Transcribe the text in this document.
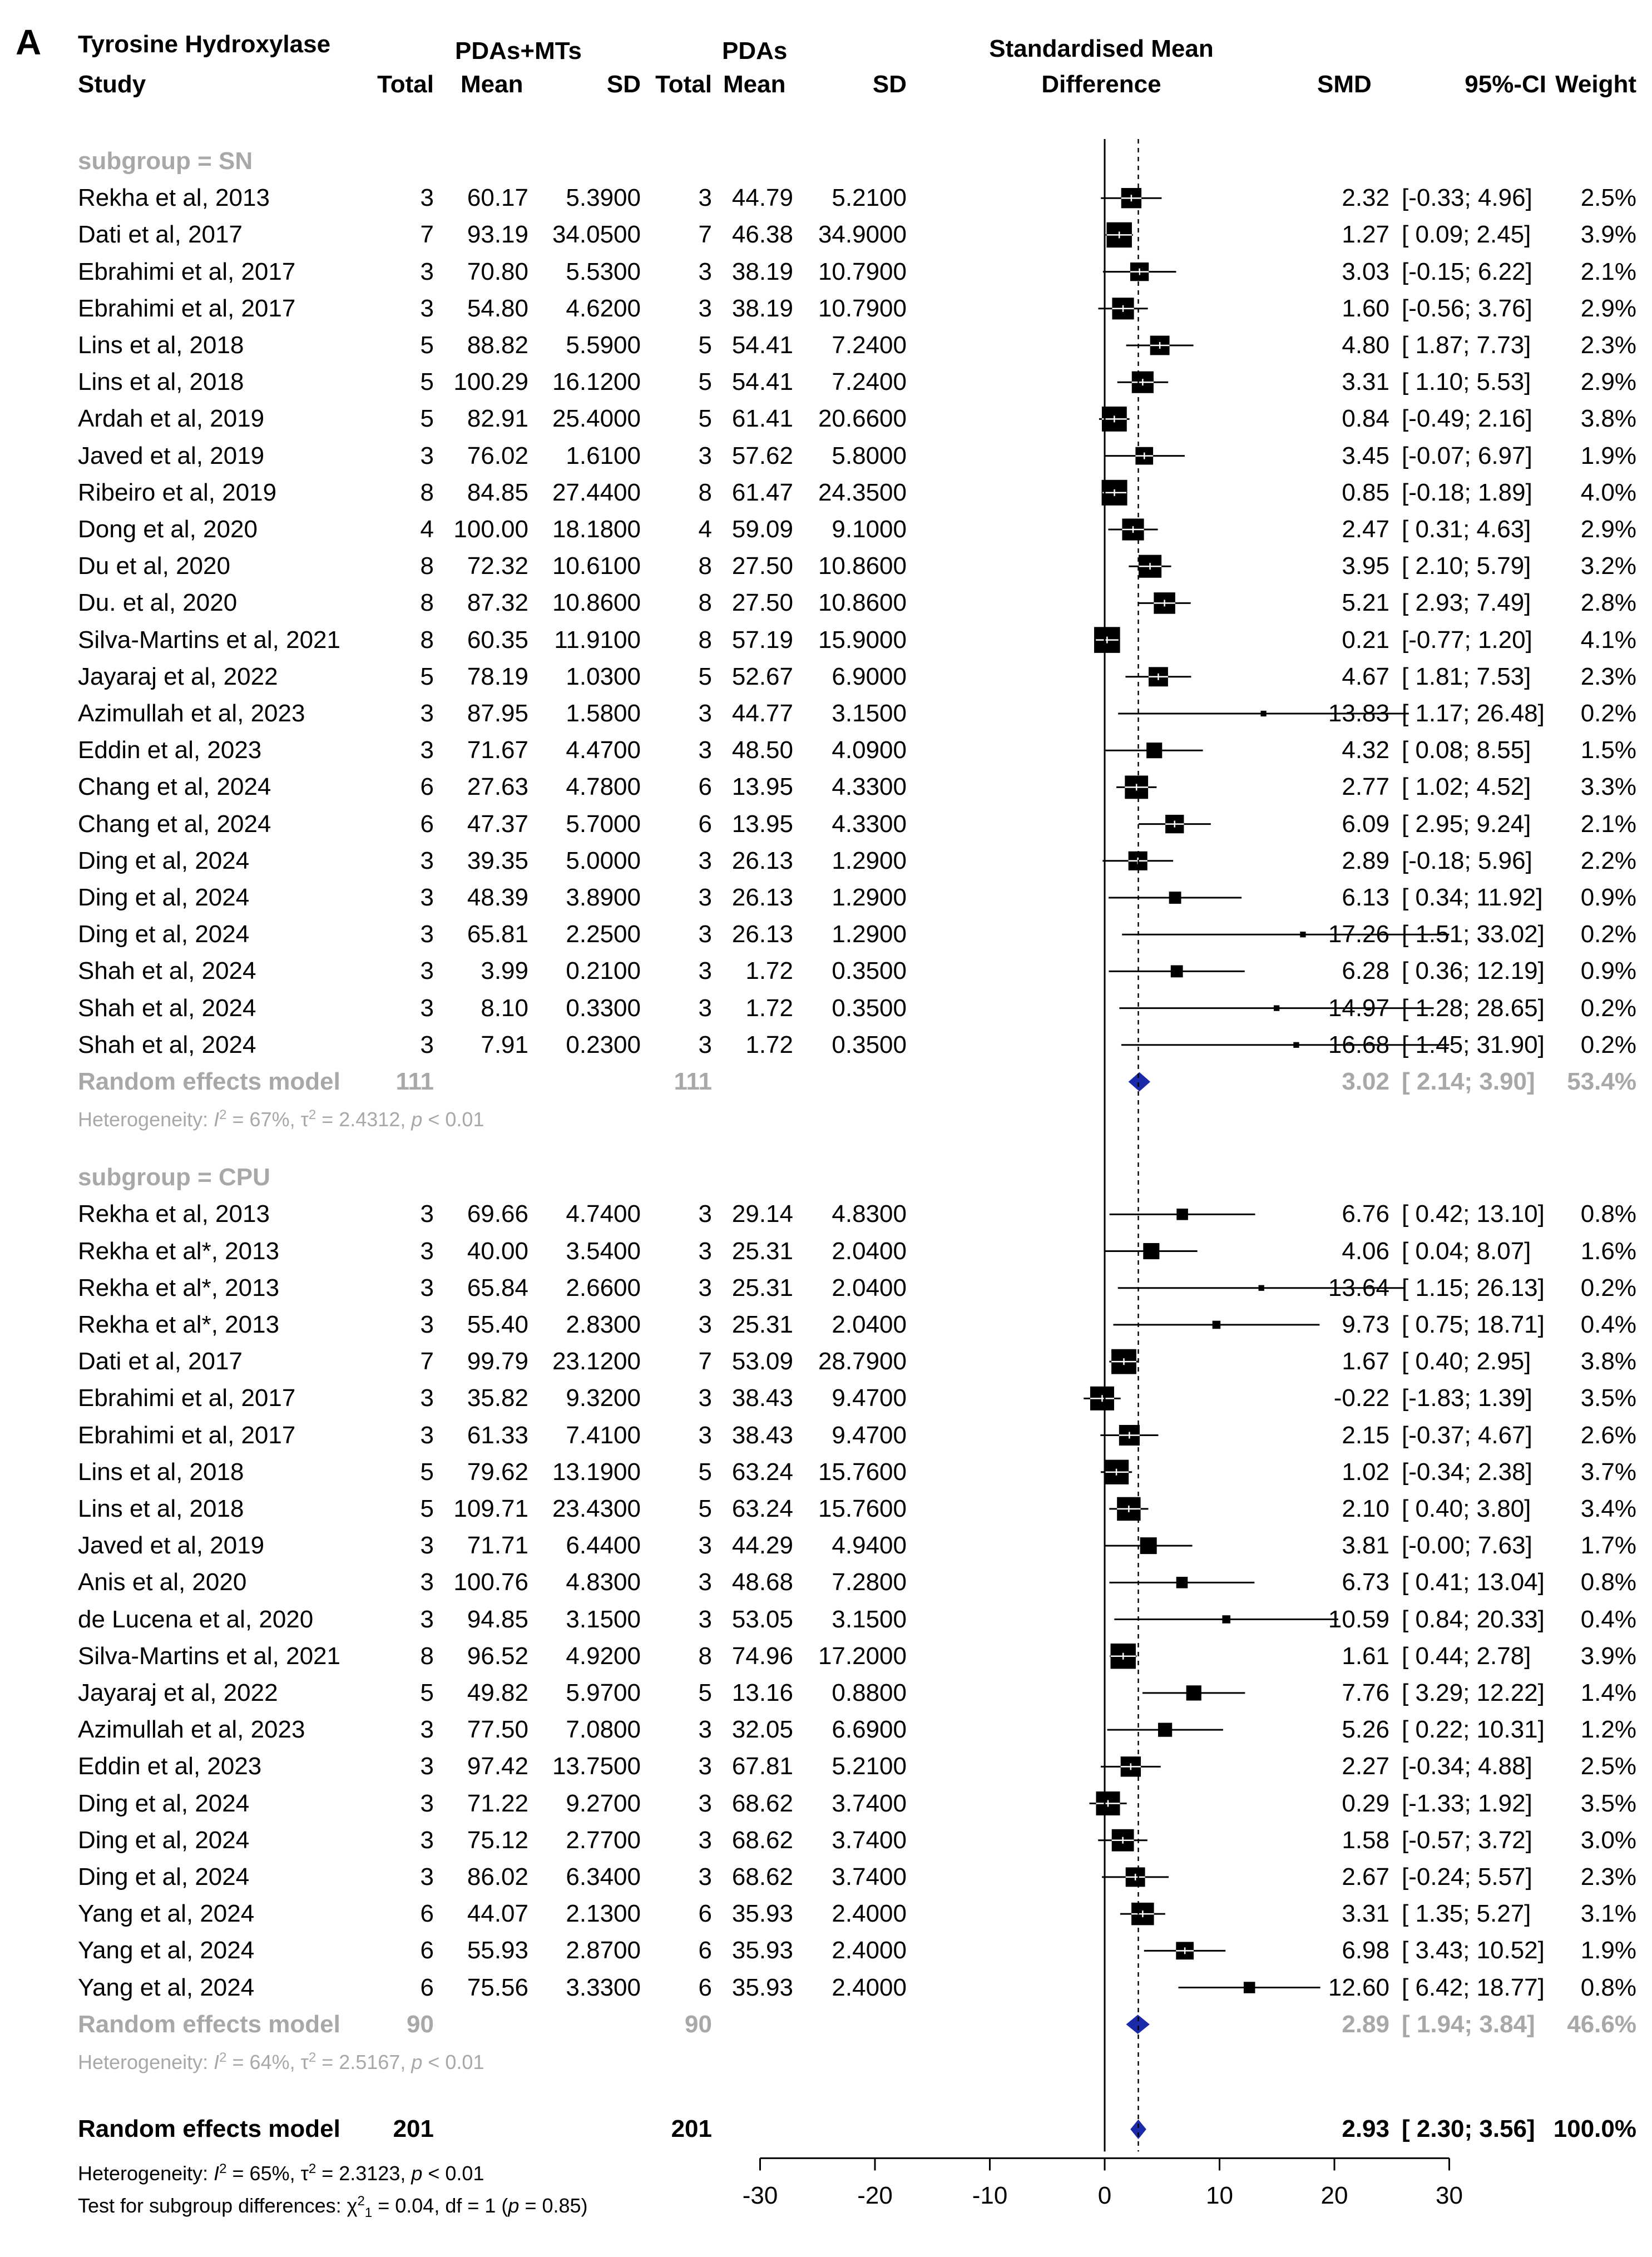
A Tyrosine Hydroxylase
Study
PDAs+MTs	PDAs
Total Mean	SD Total Mean	SD
Standardised Mean
Difference	SMD	95%-CI Weight
subgroup = SN
Rekha et al, 2013	3	60.17	5.3900	3 44.79	5.2100	2.32 [-0.33; 4.96]	2.5%
Dati et al, 2017	7	93.19 34.0500	7 46.38	34.9000	1.27 [ 0.09; 2.45]	3.9%
Ebrahimi et al, 2017	3	70.80	5.5300	3 38.19	10.7900	3.03 [-0.15; 6.22]	2.1%
Ebrahimi et al, 2017	3	54.80	4.6200	3 38.19	10.7900	1.60 [-0.56; 3.76]	2.9%
Lins et al, 2018	5	88.82	5.5900	5 54.41	7.2400	4.80 [ 1.87; 7.73]	2.3%
Lins et al, 2018	5 100.29 16.1200	5 54.41	7.2400	3.31 [ 1.10; 5.53]	2.9%
Ardah et al, 2019	5	82.91 25.4000	5 61.41	20.6600	0.84 [-0.49; 2.16]	3.8%
Javed et al, 2019	3	76.02	1.6100	3 57.62	5.8000	3.45 [-0.07; 6.97]	1.9%
Ribeiro et al, 2019	8	84.85 27.4400	8 61.47	24.3500	0.85 [-0.18; 1.89]	4.0%
Dong et al, 2020	4 100.00 18.1800	4 59.09	9.1000	2.47 [ 0.31; 4.63]	2.9%
Du et al, 2020	8	72.32 10.6100	8 27.50	10.8600	3.95 [ 2.10; 5.79]	3.2%
Du. et al, 2020	8	87.32 10.8600	8 27.50	10.8600	5.21 [ 2.93; 7.49]	2.8%
Silva-Martins et al, 2021	8	60.35	11.9100	8 57.19	15.9000	0.21 [-0.77; 1.20]	4.1%
Jayaraj et al, 2022	5	78.19	1.0300	5 52.67	6.9000	4.67 [ 1.81; 7.53]	2.3%
Azimullah et al, 2023	3	87.95	1.5800	3 44.77	3.1500	13.83 [ 1.17; 26.48]	0.2%
Eddin et al, 2023	3	71.67	4.4700	3 48.50	4.0900	4.32 [ 0.08; 8.55]	1.5%
Chang et al, 2024	6	27.63	4.7800	6 13.95	4.3300	2.77 [ 1.02; 4.52]	3.3%
Chang et al, 2024	6	47.37	5.7000	6 13.95	4.3300	6.09 [ 2.95; 9.24]	2.1%
Ding et al, 2024	3	39.35	5.0000	3 26.13	1.2900	2.89 [-0.18; 5.96]	2.2%
Ding et al, 2024	3	48.39	3.8900	3 26.13	1.2900	6.13 [ 0.34; 11.92]	0.9%
Ding et al, 2024	3	65.81	2.2500	3 26.13	1.2900	17.26 [ 1.51; 33.02]	0.2%
Shah et al, 2024	3	3.99	0.2100	3	1.72	0.3500	6.28 [ 0.36; 12.19]	0.9%
Shah et al, 2024	3	8.10	0.3300	3	1.72	0.3500	14.97 [ 1.28; 28.65]	0.2%
Shah et al, 2024	3	7.91	0.2300	3	1.72	0.3500	16.68 [ 1.45; 31.90]	0.2%
Random effects model	111	111	3.02 [ 2.14; 3.90]	53.4%
Heterogeneity: $I^2 = 67\%$, $\tau^2 = 2.4312$, p < 0.01
subgroup = CPU
Rekha et al, 2013	3	69.66	4.7400	3 29.14	4.8300	6.76 [ 0.42; 13.10]	0.8%
Rekha et al*, 2013	3	40.00	3.5400	3 25.31	2.0400	4.06 [ 0.04; 8.07]	1.6%
Rekha et al*, 2013	3	65.84	2.6600	3 25.31	2.0400	13.64 [ 1.15; 26.13]	0.2%
Rekha et al*, 2013	3	55.40	2.8300	3 25.31	2.0400	9.73 [ 0.75; 18.71]	0.4%
Dati et al, 2017	7	99.79 23.1200	7 53.09	28.7900	1.67 [ 0.40; 2.95]	3.8%
Ebrahimi et al, 2017	3	35.82	9.3200	3 38.43	9.4700	-0.22 [-1.83; 1.39]	3.5%
Ebrahimi et al, 2017	3	61.33	7.4100	3 38.43	9.4700	2.15 [-0.37; 4.67]	2.6%
Lins et al, 2018	5	79.62 13.1900	5 63.24	15.7600	1.02 [-0.34; 2.38]	3.7%
Lins et al, 2018	5 109.71 23.4300	5 63.24	15.7600	2.10 [ 0.40; 3.80]	3.4%
Javed et al, 2019	3	71.71	6.4400	3 44.29	4.9400	3.81 [-0.00; 7.63]	1.7%
Anis et al, 2020	3 100.76	4.8300	3 48.68	7.2800	6.73 [ 0.41; 13.04]	0.8%
de Lucena et al, 2020	3	94.85	3.1500	3 53.05	3.1500	10.59 [ 0.84; 20.33]	0.4%
Silva-Martins et al, 2021	8	96.52	4.9200	8 74.96	17.2000	1.61 [ 0.44; 2.78]	3.9%
Jayaraj et al, 2022	5	49.82	5.9700	5 13.16	0.8800	7.76 [ 3.29; 12.22]	1.4%
Azimullah et al, 2023	3	77.50	7.0800	3 32.05	6.6900	5.26 [ 0.22; 10.31]	1.2%
Eddin et al, 2023	3	97.42 13.7500	3 67.81	5.2100	2.27 [-0.34; 4.88]	2.5%
Ding et al, 2024	3	71.22	9.2700	3 68.62	3.7400	0.29 [-1.33; 1.92]	3.5%
Ding et al, 2024	3	75.12	2.7700	3 68.62	3.7400	1.58 [-0.57; 3.72]	3.0%
Ding et al, 2024	3	86.02	6.3400	3 68.62	3.7400	2.67 [-0.24; 5.57]	2.3%
Yang et al, 2024	6	44.07	2.1300	6 35.93	2.4000	3.31 [ 1.35; 5.27]	3.1%
Yang et al, 2024	6	55.93	2.8700	6 35.93	2.4000	6.98 [ 3.43; 10.52]	1.9%
Yang et al, 2024	6	75.56	3.3300	6 35.93	2.4000	12.60 [ 6.42; 18.77]	0.8%
Random effects model	90	90	2.89 [ 1.94; 3.84]	46.6%
Heterogeneity: $I^2 = 64\%$, $\tau^2 = 2.5167$, p < 0.01
Random effects model	201	201	2.93 [ 2.30; 3.56] 100.0%
Heterogeneity: $I^2 = 65\%$, $\tau^2 = 2.3123$, p < 0.01
Test for subgroup differences: $\chi^2_1 = 0.04$, df = 1 (p = 0.85)	-30	-20	-10	0	10	20	30
